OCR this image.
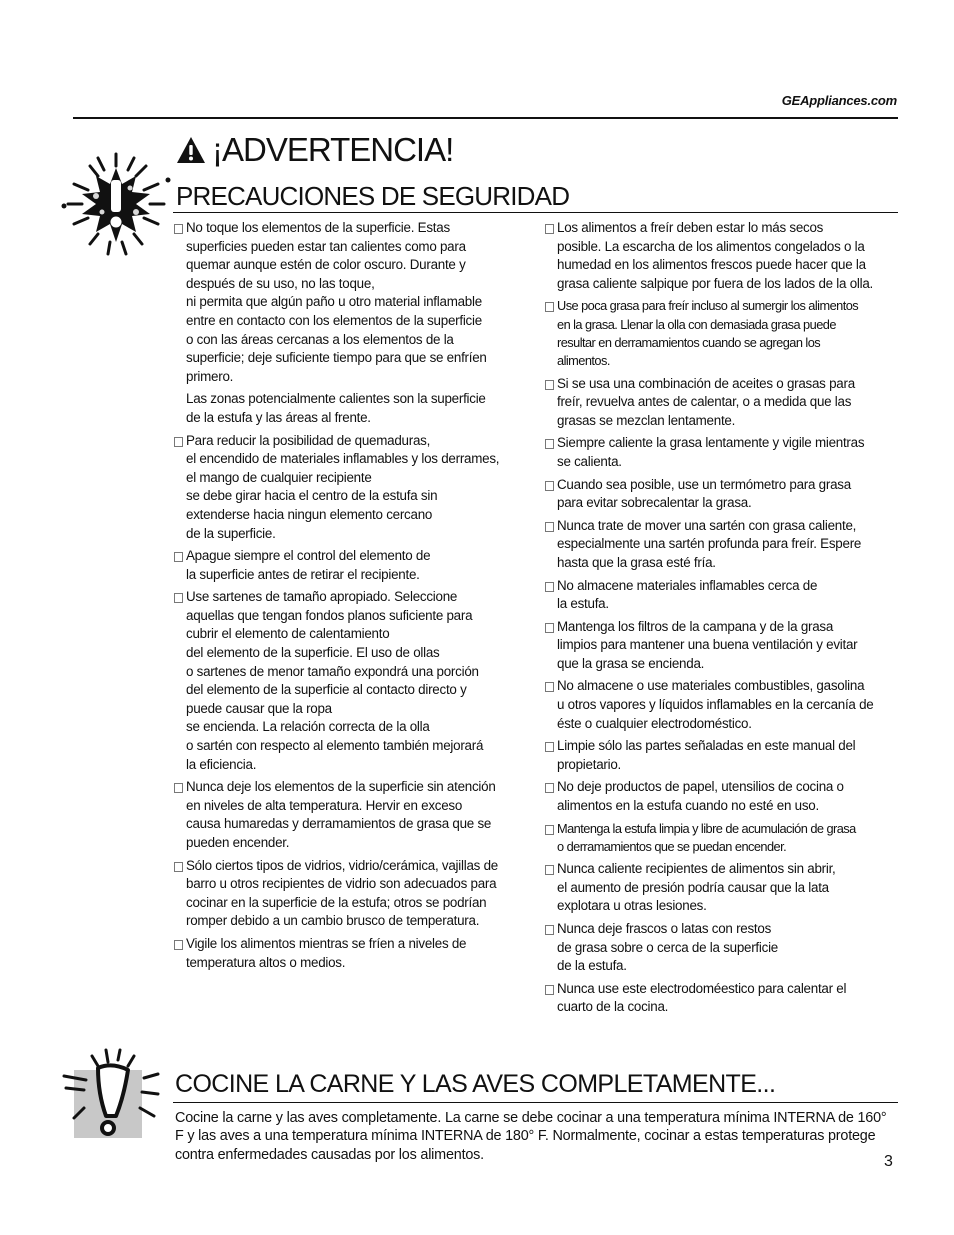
GEAppliances.com
¡ADVERTENCIA!
PRECAUCIONES DE SEGURIDAD
No toque los elementos de la superficie. Estas
superficies pueden estar tan calientes como para
quemar aunque estén de color oscuro. Durante y
después de su uso, no las toque,
ni permita que algún paño u otro material inflamable
entre en contacto con los elementos de la superficie
o con las áreas cercanas a los elementos de la
superficie; deje suficiente tiempo para que se enfríen
primero.
Las zonas potencialmente calientes son la superficie
de la estufa y las áreas al frente.
Para reducir la posibilidad de quemaduras,
el encendido de materiales inflamables y los derrames,
el mango de cualquier recipiente
se debe girar hacia el centro de la estufa sin
extenderse hacia ningun elemento cercano
de la superficie.
Apague siempre el control del elemento de
la superficie antes de retirar el recipiente.
Use sartenes de tamaño apropiado. Seleccione
aquellas que tengan fondos planos suficiente para
cubrir el elemento de calentamiento
del elemento de la superficie. El uso de ollas
o sartenes de menor tamaño expondrá una porción
del elemento de la superficie al contacto directo y
puede causar que la ropa
se encienda. La relación correcta de la olla
o sartén con respecto al elemento también mejorará
la eficiencia.
Nunca deje los elementos de la superficie sin atención
en niveles de alta temperatura. Hervir en exceso
causa humaredas y derramamientos de grasa que se
pueden encender.
Sólo ciertos tipos de vidrios, vidrio/cerámica, vajillas de
barro u otros recipientes de vidrio son adecuados para
cocinar en la superficie de la estufa; otros se podrían
romper debido a un cambio brusco de temperatura.
Vigile los alimentos mientras se fríen a niveles de
temperatura altos o medios.
Los alimentos a freír deben estar lo más secos
posible. La escarcha de los alimentos congelados o la
humedad en los alimentos frescos puede hacer que la
grasa caliente salpique por fuera de los lados de la olla.
Use poca grasa para freír incluso al sumergir los alimentos
en la grasa. Llenar la olla con demasiada grasa puede
resultar en derramamientos cuando se agregan los
alimentos.
Si se usa una combinación de aceites o grasas para
freír, revuelva antes de calentar, o a medida que las
grasas se mezclan lentamente.
Siempre caliente la grasa lentamente y vigile mientras
se calienta.
Cuando sea posible, use un termómetro para grasa
para evitar sobrecalentar la grasa.
Nunca trate de mover una sartén con grasa caliente,
especialmente una sartén profunda para freír. Espere
hasta que la grasa esté fría.
No almacene materiales inflamables cerca de
la estufa.
Mantenga los filtros de la campana y de la grasa
limpios para mantener una buena ventilación y evitar
que la grasa se encienda.
No almacene o use materiales combustibles, gasolina
u otros vapores y líquidos inflamables en la cercanía de
éste o cualquier electrodoméstico.
Limpie sólo las partes señaladas en este manual del
propietario.
No deje productos de papel, utensilios de cocina o
alimentos en la estufa cuando no esté en uso.
Mantenga la estufa limpia y libre de acumulación de grasa
o derramamientos que se puedan encender.
Nunca caliente recipientes de alimentos sin abrir,
el aumento de presión podría causar que la lata
explotara u otras lesiones.
Nunca deje frascos o latas con restos
de grasa sobre o cerca de la superficie
de la estufa.
Nunca use este electrodoméestico para calentar el
cuarto de la cocina.
COCINE LA CARNE Y LAS AVES COMPLETAMENTE...
Cocine la carne y las aves completamente. La carne se debe cocinar a una temperatura mínima INTERNA de 160° F y las aves a una temperatura mínima INTERNA de 180° F. Normalmente, cocinar a estas temperaturas protege contra enfermedades causadas por los alimentos.	3
